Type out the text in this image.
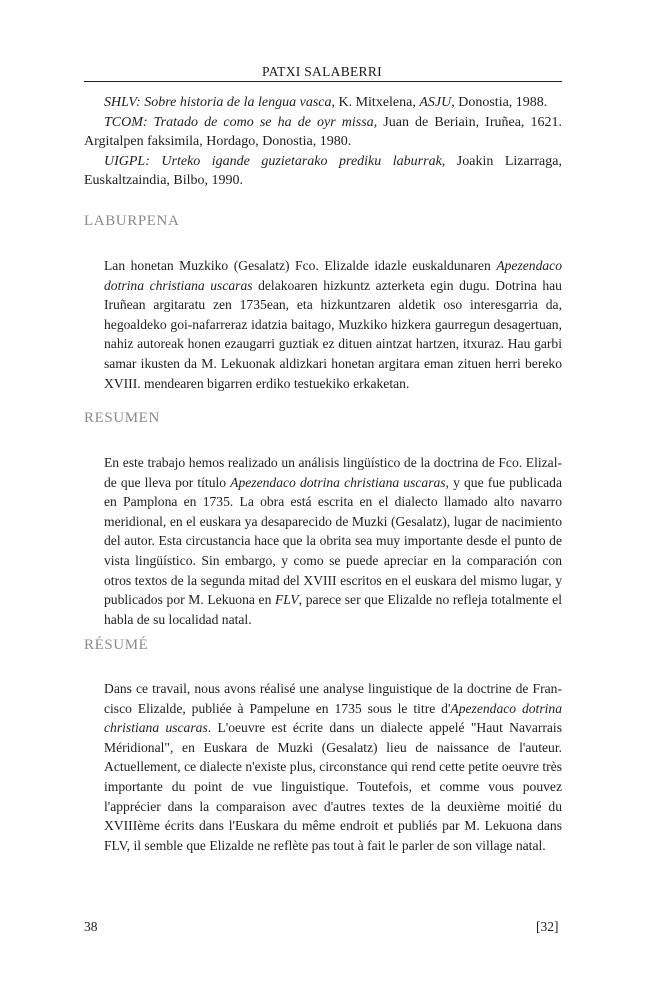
PATXI SALABERRI

SHLV: Sobre historia de la lengua vasca, K. Mitxelena, ASJU, Donostia, 1988.

TCOM: Tratado de como se ha de oyr missa, Juan de Beriain, Iruñea, 1621. Argitalpen faksimila, Hordago, Donostia, 1980.

UIGPL: Urteko igande guzietarako prediku laburrak, Joakin Lizarraga, Euskaltzaindia, Bilbo, 1990.

LABURPENA

Lan honetan Muzkiko (Gesalatz) Fco. Elizalde idazle euskaldunaren Apezendaco dotrina christiana uscaras delakoaren hizkuntz azterketa egin dugu. Dotrina hau Iruñean argitaratu zen 1735ean, eta hizkuntzaren aldetik oso interesgarria da, hegoaldeko goi-nafarreraz idatzia baitago, Muzkiko hizkera gaurregun desagertuan, nahiz autoreak honen ezaugarri guztiak ez dituen aintzat hartzen, itxuraz. Hau garbi samar ikusten da M. Lekuonak aldizkari honetan argitara eman zituen herri bereko XVIII. mendearen bigarren erdiko testuekiko erkaketan.

RESUMEN

En este trabajo hemos realizado un análisis lingüístico de la doctrina de Fco. Elizalde que lleva por título Apezendaco dotrina christiana uscaras, y que fue publicada en Pamplona en 1735. La obra está escrita en el dialecto llamado alto navarro meridional, en el euskara ya desaparecido de Muzki (Gesalatz), lugar de nacimiento del autor. Esta circustancia hace que la obrita sea muy importante desde el punto de vista lingüístico. Sin embargo, y como se puede apreciar en la comparación con otros textos de la segunda mitad del XVIII escritos en el euskara del mismo lugar, y publicados por M. Lekuona en FLV, parece ser que Elizalde no refleja totalmente el habla de su localidad natal.

RÉSUMÉ

Dans ce travail, nous avons réalisé une analyse linguistique de la doctrine de Francisco Elizalde, publiée à Pampelune en 1735 sous le titre d'Apezendaco dotrina christiana uscaras. L'oeuvre est écrite dans un dialecte appelé "Haut Navarrais Méridional", en Euskara de Muzki (Gesalatz) lieu de naissance de l'auteur. Actuellement, ce dialecte n'existe plus, circonstance qui rend cette petite oeuvre très importante du point de vue linguistique. Toutefois, et comme vous pouvez l'apprécier dans la comparaison avec d'autres textes de la deuxième moitié du XVIIIème écrits dans l'Euskara du même endroit et publiés par M. Lekuona dans FLV, il semble que Elizalde ne reflète pas tout à fait le parler de son village natal.

38	[32]
